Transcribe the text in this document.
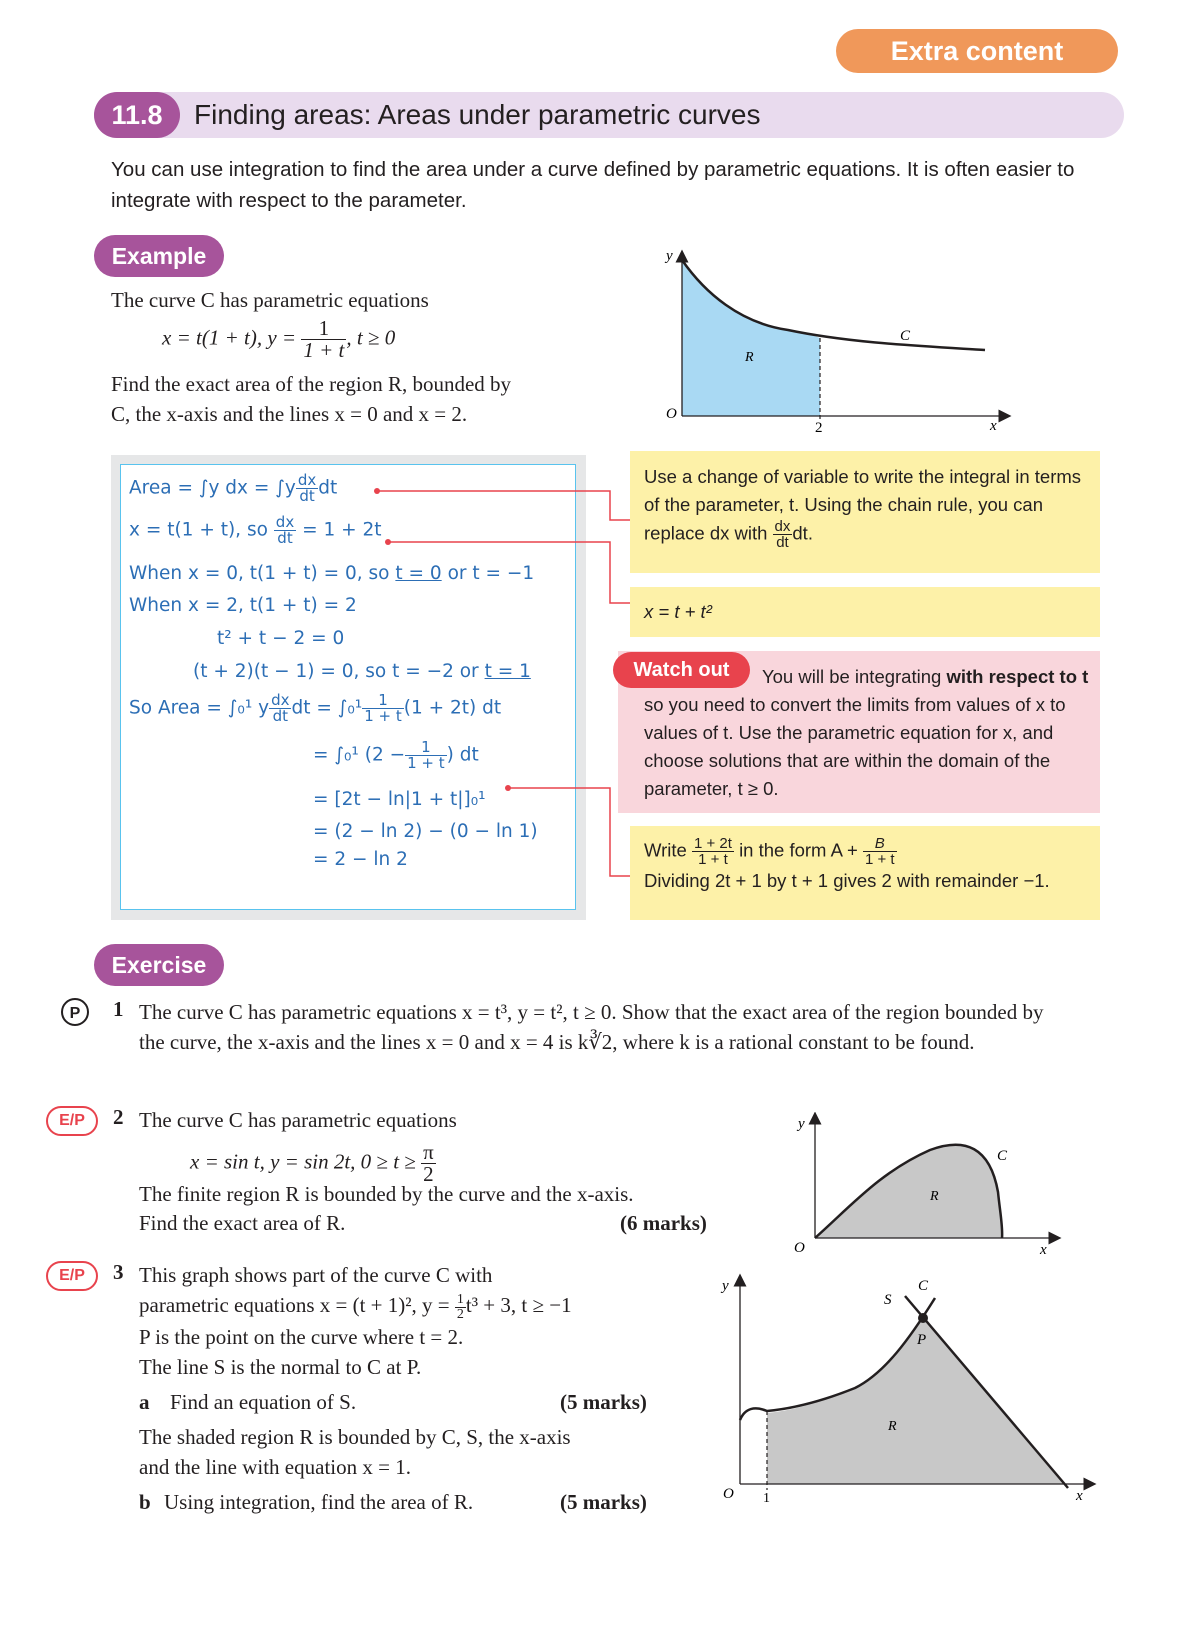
Extra content
11.8	Finding areas: Areas under parametric curves
You can use integration to find the area under a curve defined by parametric equations. It is often easier to integrate with respect to the parameter.
Example
The curve C has parametric equations
x = t(1 + t), $y = \frac{1}{1 + t}$ , t ≥ 0
Find the exact area of the region R, bounded by
C, the x-axis and the lines x = 0 and x = 2.
y
x
O
2
C
R
Area = ∫y dx = $\int y \frac{dx}{dt}$ dt
x = t(1 + t), so $\frac{dx}{dt} = 1 + 2t$
When x = 0, t(1 + t) = 0, so t = 0 or t = −1
When x = 2, t(1 + t) = 2
t² + t − 2 = 0
(t + 2)(t − 1) = 0, so t = −2 or t = 1
So Area = ∫₀¹ y $\frac{dx}{dt}$ dt = $\int_0^1 \frac{1}{1 + t} (1 + 2t)$ dt
= ∫₀¹ ($2 - \frac{1}{1 + t}$ ) dt
= [2t − ln|1 + t|]₀¹
= (2 − ln 2) − (0 − ln 1)
= 2 − ln 2
Use a change of variable to write the integral in terms of the parameter, t. Using the chain rule, you can replace dx with $\frac{dx}{dt}$ dt.
x = t + t²
Watch out	You will be integrating with respect to t so you need to convert the limits from values of x to values of t. Use the parametric equation for x, and choose solutions that are within the domain of the parameter, t ≥ 0.
Write $\frac{1 + 2t}{1 + t}$ in the form $A + \frac{B}{1 + t}$
Dividing 2t + 1 by t + 1 gives 2 with remainder −1.
Exercise
P	1 The curve C has parametric equations x = t³, y = t², t ≥ 0. Show that the exact area of the region bounded by the curve, the x-axis and the lines x = 0 and x = 4 is k∛2, where k is a rational constant to be found.
E/P	2 The curve C has parametric equations
x = sin t, y = sin 2t, $0 \ge t \ge \frac{\pi}{2}$
The finite region R is bounded by the curve and the x-axis.
Find the exact area of R.	(6 marks)
y
x
O
C
R
E/P	3 This graph shows part of the curve C with
parametric equations x = (t + 1)², $y = \frac{1}{2} t^3 + 3$, t ≥ −1
P is the point on the curve where t = 2.
The line S is the normal to C at P.
a Find an equation of S.	(5 marks)
The shaded region R is bounded by C, S, the x-axis
and the line with equation x = 1.
b Using integration, find the area of R.	(5 marks)
y
x
O 1
S
C
P
R
